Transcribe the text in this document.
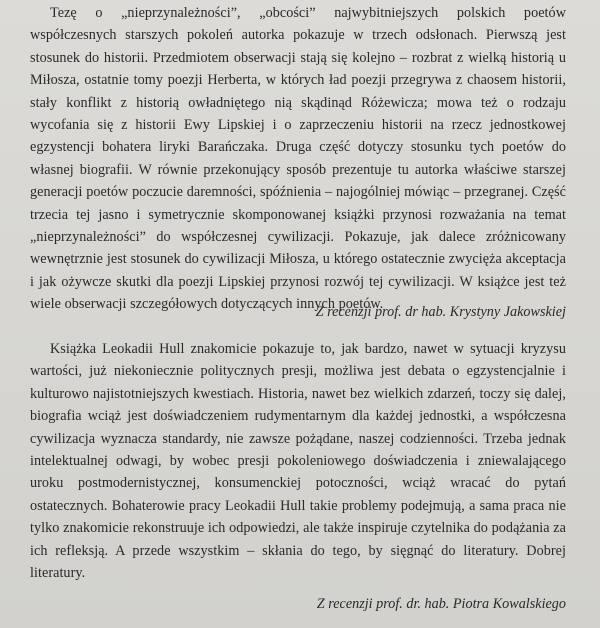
Tezę o „nieprzynależności”, „obcości” najwybitniejszych polskich poetów współczesnych starszych pokoleń autorka pokazuje w trzech odsłonach. Pierwszą jest stosunek do historii. Przedmiotem obserwacji stają się kolejno – rozbrat z wielką historią u Miłosza, ostatnie tomy poezji Herberta, w których ład poezji przegrywa z chaosem historii, stały konflikt z historią owładniętego nią skądinąd Różewicza; mowa też o rodzaju wycofania się z historii Ewy Lipskiej i o zaprzeczeniu historii na rzecz jednostkowej egzystencji bohatera liryki Barańczaka. Druga część dotyczy stosunku tych poetów do własnej biografii. W równie przekonujący sposób prezentuje tu autorka właściwe starszej generacji poetów poczucie daremności, spóźnienia – najogólniej mówiąc – przegranej. Część trzecia tej jasno i symetrycznie skomponowanej książki przynosi rozważania na temat „nieprzynależności” do współczesnej cywilizacji. Pokazuje, jak dalece zróżnicowany wewnętrznie jest stosunek do cywilizacji Miłosza, u którego ostatecznie zwycięża akceptacja i jak ożywcze skutki dla poezji Lipskiej przynosi rozwój tej cywilizacji. W książce jest też wiele obserwacji szczegółowych dotyczących innych poetów.

Z recenzji prof. dr hab. Krystyny Jakowskiej

Książka Leokadii Hull znakomicie pokazuje to, jak bardzo, nawet w sytuacji kryzysu wartości, już niekoniecznie politycznych presji, możliwa jest debata o egzystencjalnie i kulturowo najistotniejszych kwestiach. Historia, nawet bez wielkich zdarzeń, toczy się dalej, biografia wciąż jest doświadczeniem rudymentarnym dla każdej jednostki, a współczesna cywilizacja wyznacza standardy, nie zawsze pożądane, naszej codzienności. Trzeba jednak intelektualnej odwagi, by wobec presji pokoleniowego doświadczenia i zniewalającego uroku postmodernistycznej, konsumenckiej potoczności, wciąż wracać do pytań ostatecznych. Bohaterowie pracy Leokadii Hull takie problemy podejmują, a sama praca nie tylko znakomicie rekonstruuje ich odpowiedzi, ale także inspiruje czytelnika do podążania za ich refleksją. A przede wszystkim – skłania do tego, by sięgnąć do literatury. Dobrej literatury.

Z recenzji prof. dr. hab. Piotra Kowalskiego
